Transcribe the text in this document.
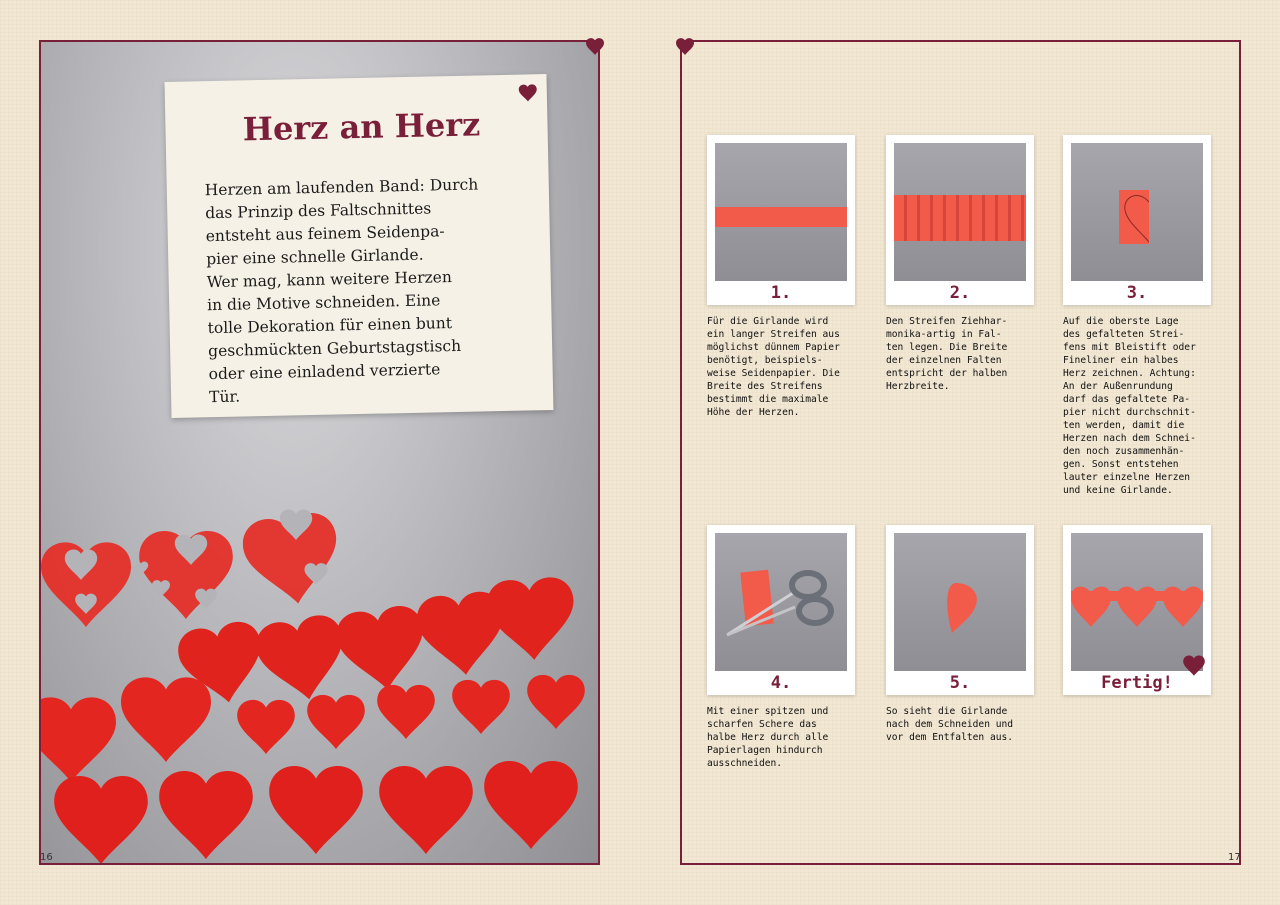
Herz an Herz

Herzen am laufenden Band: Durch
das Prinzip des Faltschnittes
entsteht aus feinem Seidenpa-
pier eine schnelle Girlande.
Wer mag, kann weitere Herzen
in die Motive schneiden. Eine
tolle Dekoration für einen bunt
geschmückten Geburtstagstisch
oder eine einladend verzierte
Tür.

16
1.

Für die Girlande wird
ein langer Streifen aus
möglichst dünnem Papier
benötigt, beispiels-
weise Seidenpapier. Die
Breite des Streifens
bestimmt die maximale
Höhe der Herzen.

2.

Den Streifen Ziehhar-
monika-artig in Fal-
ten legen. Die Breite
der einzelnen Falten
entspricht der halben
Herzbreite.

3.

Auf die oberste Lage
des gefalteten Strei-
fens mit Bleistift oder
Fineliner ein halbes
Herz zeichnen. Achtung:
An der Außenrundung
darf das gefaltete Pa-
pier nicht durchschnit-
ten werden, damit die
Herzen nach dem Schnei-
den noch zusammenhän-
gen. Sonst entstehen
lauter einzelne Herzen
und keine Girlande.

4.

Mit einer spitzen und
scharfen Schere das
halbe Herz durch alle
Papierlagen hindurch
ausschneiden.

5.

So sieht die Girlande
nach dem Schneiden und
vor dem Entfalten aus.

Fertig!
17
